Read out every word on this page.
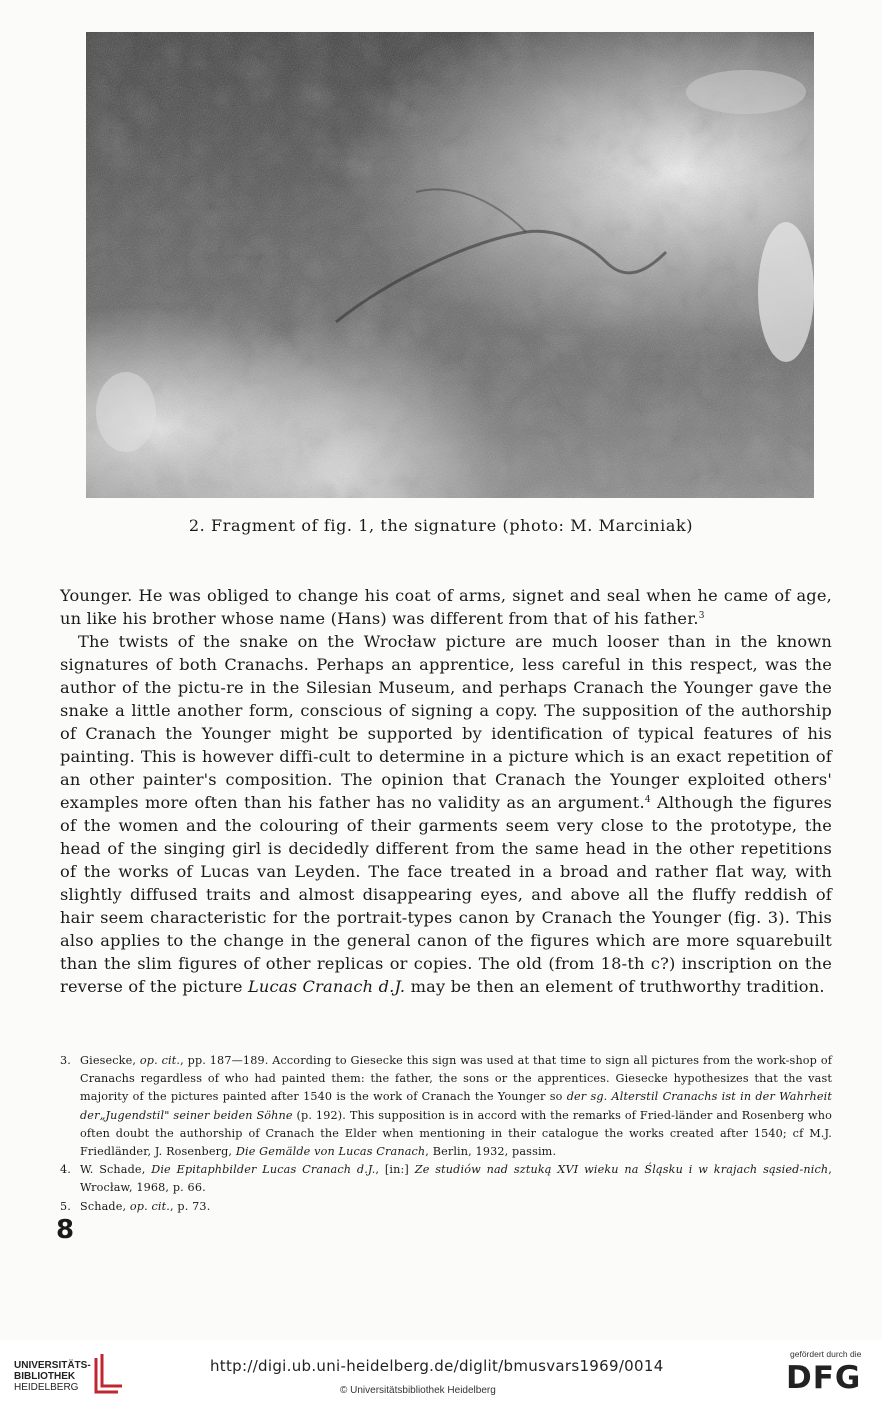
2. Fragment of fig. 1, the signature (photo: M. Marciniak)

Younger. He was obliged to change his coat of arms, signet and seal when he came of age, un like his brother whose name (Hans) was different from that of his father.$^3$

The twists of the snake on the Wrocław picture are much looser than in the known signatures of both Cranachs. Perhaps an apprentice, less careful in this respect, was the author of the pictu-re in the Silesian Museum, and perhaps Cranach the Younger gave the snake a little another form, conscious of signing a copy. The supposition of the authorship of Cranach the Younger might be supported by identification of typical features of his painting. This is however diffi-cult to determine in a picture which is an exact repetition of an other painter's composition. The opinion that Cranach the Younger exploited others' examples more often than his father has no validity as an argument.$^4$ Although the figures of the women and the colouring of their garments seem very close to the prototype, the head of the singing girl is decidedly different from the same head in the other repetitions of the works of Lucas van Leyden. The face treated in a broad and rather flat way, with slightly diffused traits and almost disappearing eyes, and above all the fluffy reddish of hair seem characteristic for the portrait-types canon by Cranach the Younger (fig. 3). This also applies to the change in the general canon of the figures which are more squarebuilt than the slim figures of other replicas or copies. The old (from 18-th c?) inscription on the reverse of the picture Lucas Cranach d.J. may be then an element of truthworthy tradition.

3. Giesecke, op. cit., pp. 187—189. According to Giesecke this sign was used at that time to sign all pictures from the work-shop of Cranachs regardless of who had painted them: the father, the sons or the apprentices. Giesecke hypothesizes that the vast majority of the pictures painted after 1540 is the work of Cranach the Younger so der sg. Alterstil Cranachs ist in der Wahrheit der„Jugendstil" seiner beiden Söhne (p. 192). This supposition is in accord with the remarks of Fried-länder and Rosenberg who often doubt the authorship of Cranach the Elder when mentioning in their catalogue the works created after 1540; cf M.J. Friedländer, J. Rosenberg, Die Gemälde von Lucas Cranach, Berlin, 1932, passim.
4. W. Schade, Die Epitaphbilder Lucas Cranach d.J., [in:] Ze studiów nad sztuką XVI wieku na Śląsku i w krajach sąsied-nich, Wrocław, 1968, p. 66.
5. Schade, op. cit., p. 73.
8
UNIVERSITÄTS-
BIBLIOTHEK
HEIDELBERG
http://digi.ub.uni-heidelberg.de/diglit/bmusvars1969/0014
© Universitätsbibliothek Heidelberg
gefördert durch die
DFG
